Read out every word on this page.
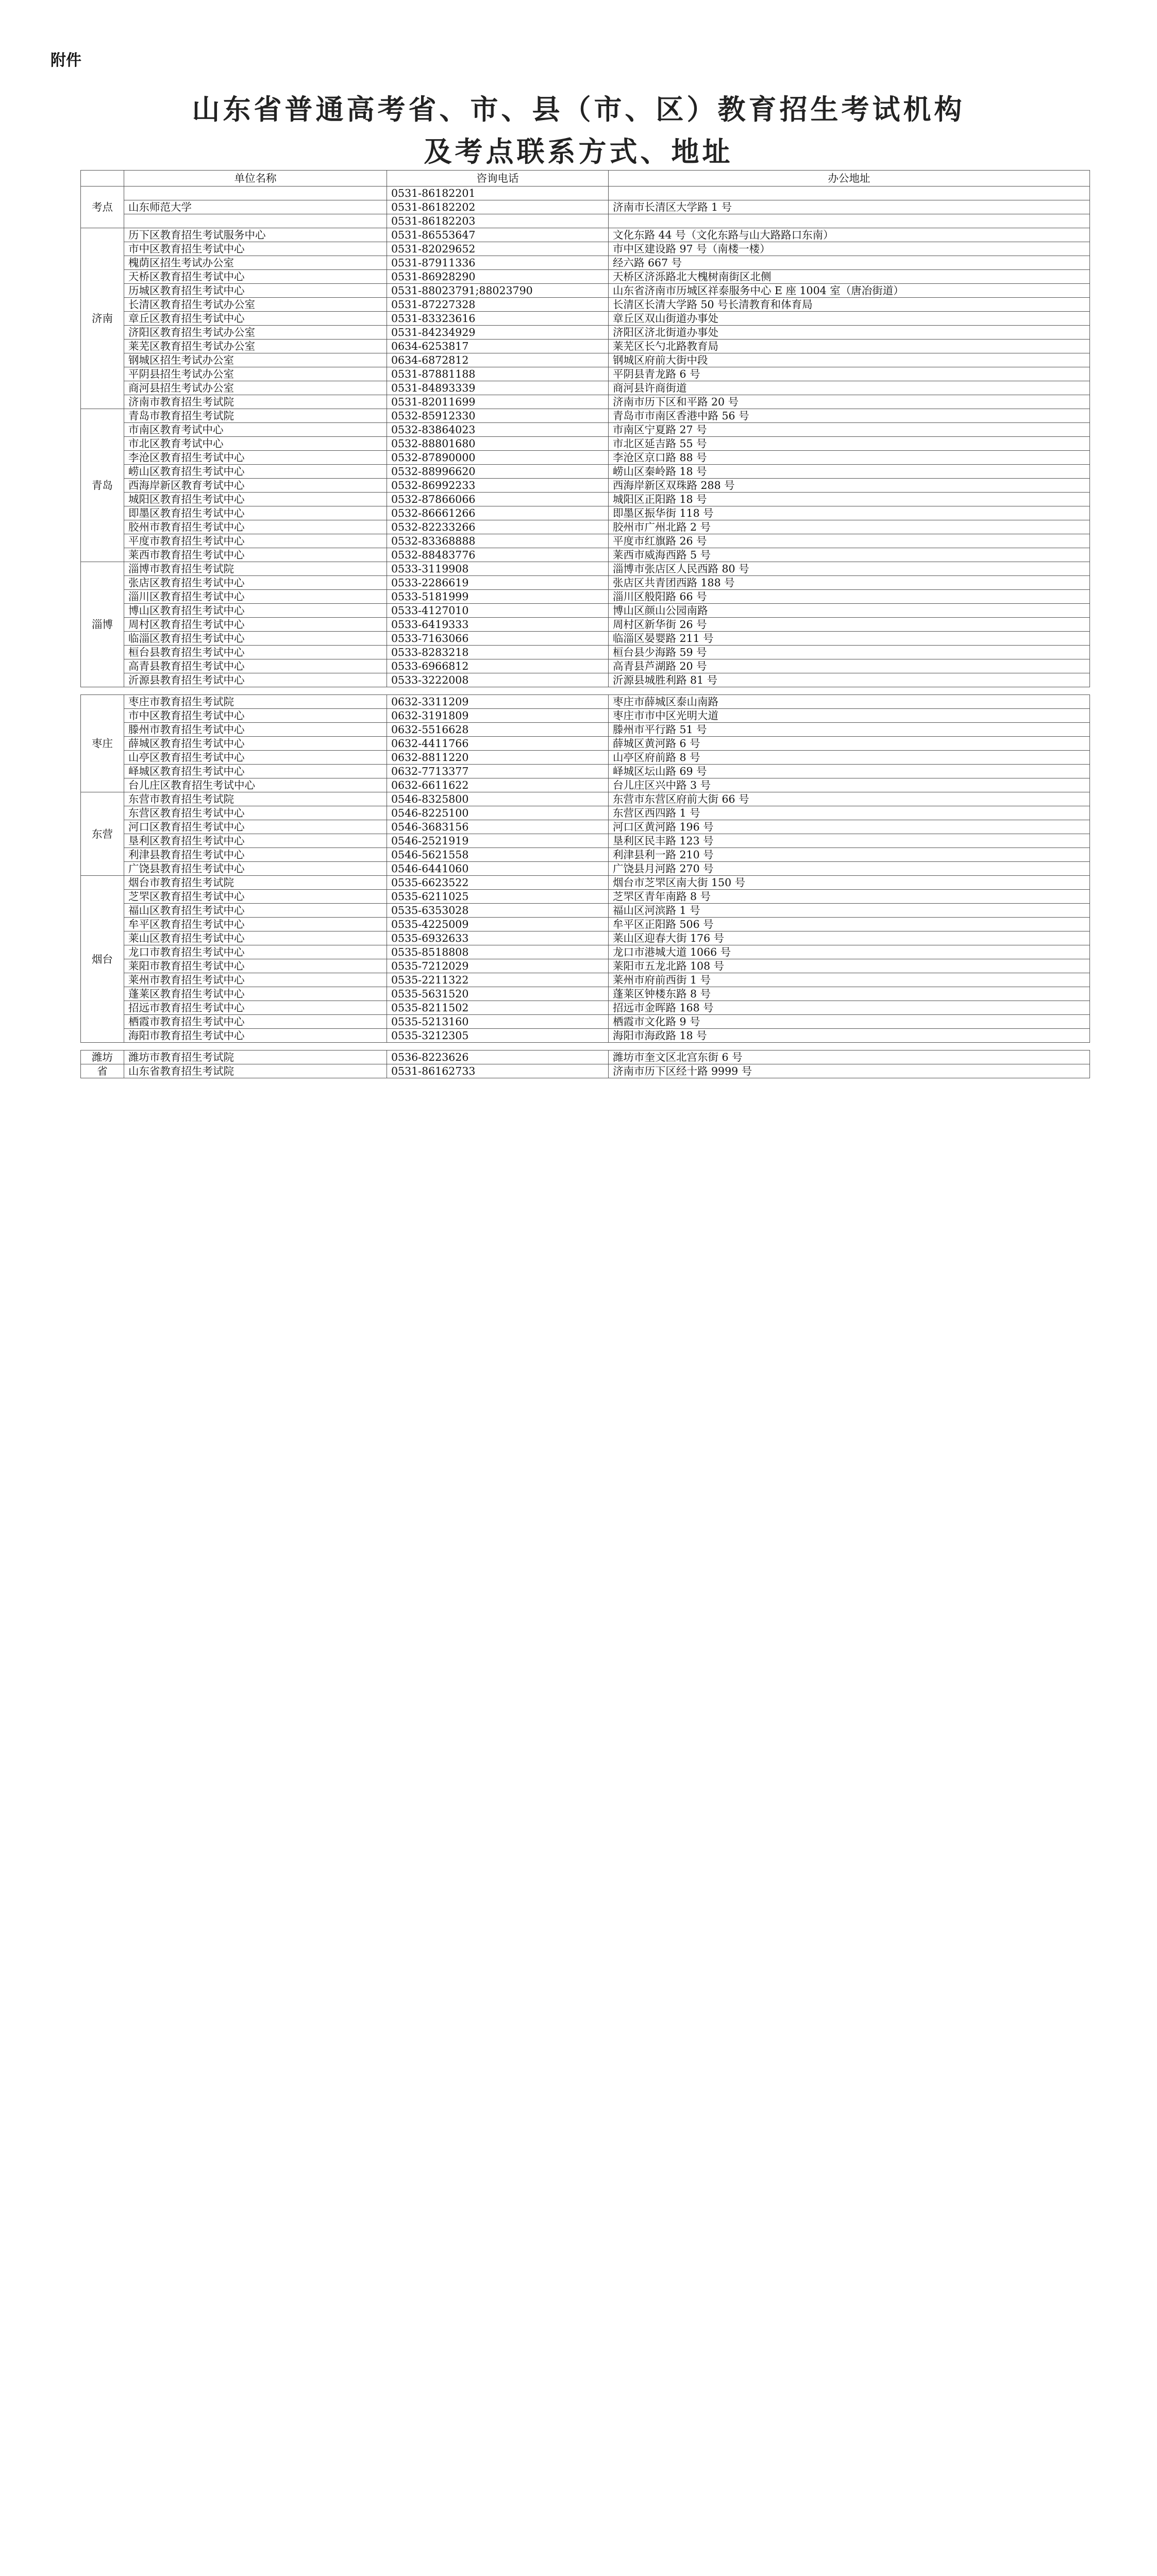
附件
山东省普通高考省、市、县（市、区）教育招生考试机构
及考点联系方式、地址
	单位名称	咨询电话	办公地址
考点		0531-86182201	
	山东师范大学	0531-86182202	济南市长清区大学路 1 号
		0531-86182203	
济南	历下区教育招生考试服务中心	0531-86553647	文化东路 44 号（文化东路与山大路路口东南）
	市中区教育招生考试中心	0531-82029652	市中区建设路 97 号（南楼一楼）
	槐荫区招生考试办公室	0531-87911336	经六路 667 号
	天桥区教育招生考试中心	0531-86928290	天桥区济泺路北大槐树南街区北侧
	历城区教育招生考试中心	0531-88023791;88023790	山东省济南市历城区祥泰服务中心 E 座 1004 室（唐冶街道）
	长清区教育招生考试办公室	0531-87227328	长清区长清大学路 50 号长清教育和体育局
	章丘区教育招生考试中心	0531-83323616	章丘区双山街道办事处
	济阳区教育招生考试办公室	0531-84234929	济阳区济北街道办事处
	莱芜区教育招生考试办公室	0634-6253817	莱芜区长勺北路教育局
	钢城区招生考试办公室	0634-6872812	钢城区府前大街中段
	平阴县招生考试办公室	0531-87881188	平阴县青龙路 6 号
	商河县招生考试办公室	0531-84893339	商河县许商街道
	济南市教育招生考试院	0531-82011699	济南市历下区和平路 20 号
青岛	青岛市教育招生考试院	0532-85912330	青岛市市南区香港中路 56 号
	市南区教育考试中心	0532-83864023	市南区宁夏路 27 号
	市北区教育考试中心	0532-88801680	市北区延吉路 55 号
	李沧区教育招生考试中心	0532-87890000	李沧区京口路 88 号
	崂山区教育招生考试中心	0532-88996620	崂山区秦岭路 18 号
	西海岸新区教育考试中心	0532-86992233	西海岸新区双珠路 288 号
	城阳区教育招生考试中心	0532-87866066	城阳区正阳路 18 号
	即墨区教育招生考试中心	0532-86661266	即墨区振华街 118 号
	胶州市教育招生考试中心	0532-82233266	胶州市广州北路 2 号
	平度市教育招生考试中心	0532-83368888	平度市红旗路 26 号
	莱西市教育招生考试中心	0532-88483776	莱西市威海西路 5 号
淄博	淄博市教育招生考试院	0533-3119908	淄博市张店区人民西路 80 号
	张店区教育招生考试中心	0533-2286619	张店区共青团西路 188 号
	淄川区教育招生考试中心	0533-5181999	淄川区般阳路 66 号
	博山区教育招生考试中心	0533-4127010	博山区颜山公园南路
	周村区教育招生考试中心	0533-6419333	周村区新华街 26 号
	临淄区教育招生考试中心	0533-7163066	临淄区晏婴路 211 号
	桓台县教育招生考试中心	0533-8283218	桓台县少海路 59 号
	高青县教育招生考试中心	0533-6966812	高青县芦湖路 20 号
	沂源县教育招生考试中心	0533-3222008	沂源县城胜利路 81 号

枣庄	枣庄市教育招生考试院	0632-3311209	枣庄市薛城区泰山南路
	市中区教育招生考试中心	0632-3191809	枣庄市市中区光明大道
	滕州市教育招生考试中心	0632-5516628	滕州市平行路 51 号
	薛城区教育招生考试中心	0632-4411766	薛城区黄河路 6 号
	山亭区教育招生考试中心	0632-8811220	山亭区府前路 8 号
	峄城区教育招生考试中心	0632-7713377	峄城区坛山路 69 号
	台儿庄区教育招生考试中心	0632-6611622	台儿庄区兴中路 3 号
东营	东营市教育招生考试院	0546-8325800	东营市东营区府前大街 66 号
	东营区教育招生考试中心	0546-8225100	东营区西四路 1 号
	河口区教育招生考试中心	0546-3683156	河口区黄河路 196 号
	垦利区教育招生考试中心	0546-2521919	垦利区民丰路 123 号
	利津县教育招生考试中心	0546-5621558	利津县利一路 210 号
	广饶县教育招生考试中心	0546-6441060	广饶县月河路 270 号
烟台	烟台市教育招生考试院	0535-6623522	烟台市芝罘区南大街 150 号
	芝罘区教育招生考试中心	0535-6211025	芝罘区青年南路 8 号
	福山区教育招生考试中心	0535-6353028	福山区河滨路 1 号
	牟平区教育招生考试中心	0535-4225009	牟平区正阳路 506 号
	莱山区教育招生考试中心	0535-6932633	莱山区迎春大街 176 号
	龙口市教育招生考试中心	0535-8518808	龙口市港城大道 1066 号
	莱阳市教育招生考试中心	0535-7212029	莱阳市五龙北路 108 号
	莱州市教育招生考试中心	0535-2211322	莱州市府前西街 1 号
	蓬莱区教育招生考试中心	0535-5631520	蓬莱区钟楼东路 8 号
	招远市教育招生考试中心	0535-8211502	招远市金晖路 168 号
	栖霞市教育招生考试中心	0535-5213160	栖霞市文化路 9 号
	海阳市教育招生考试中心	0535-3212305	海阳市海政路 18 号

潍坊	潍坊市教育招生考试院	0536-8223626	潍坊市奎文区北宫东街 6 号
省	山东省教育招生考试院	0531-86162733	济南市历下区经十路 9999 号
